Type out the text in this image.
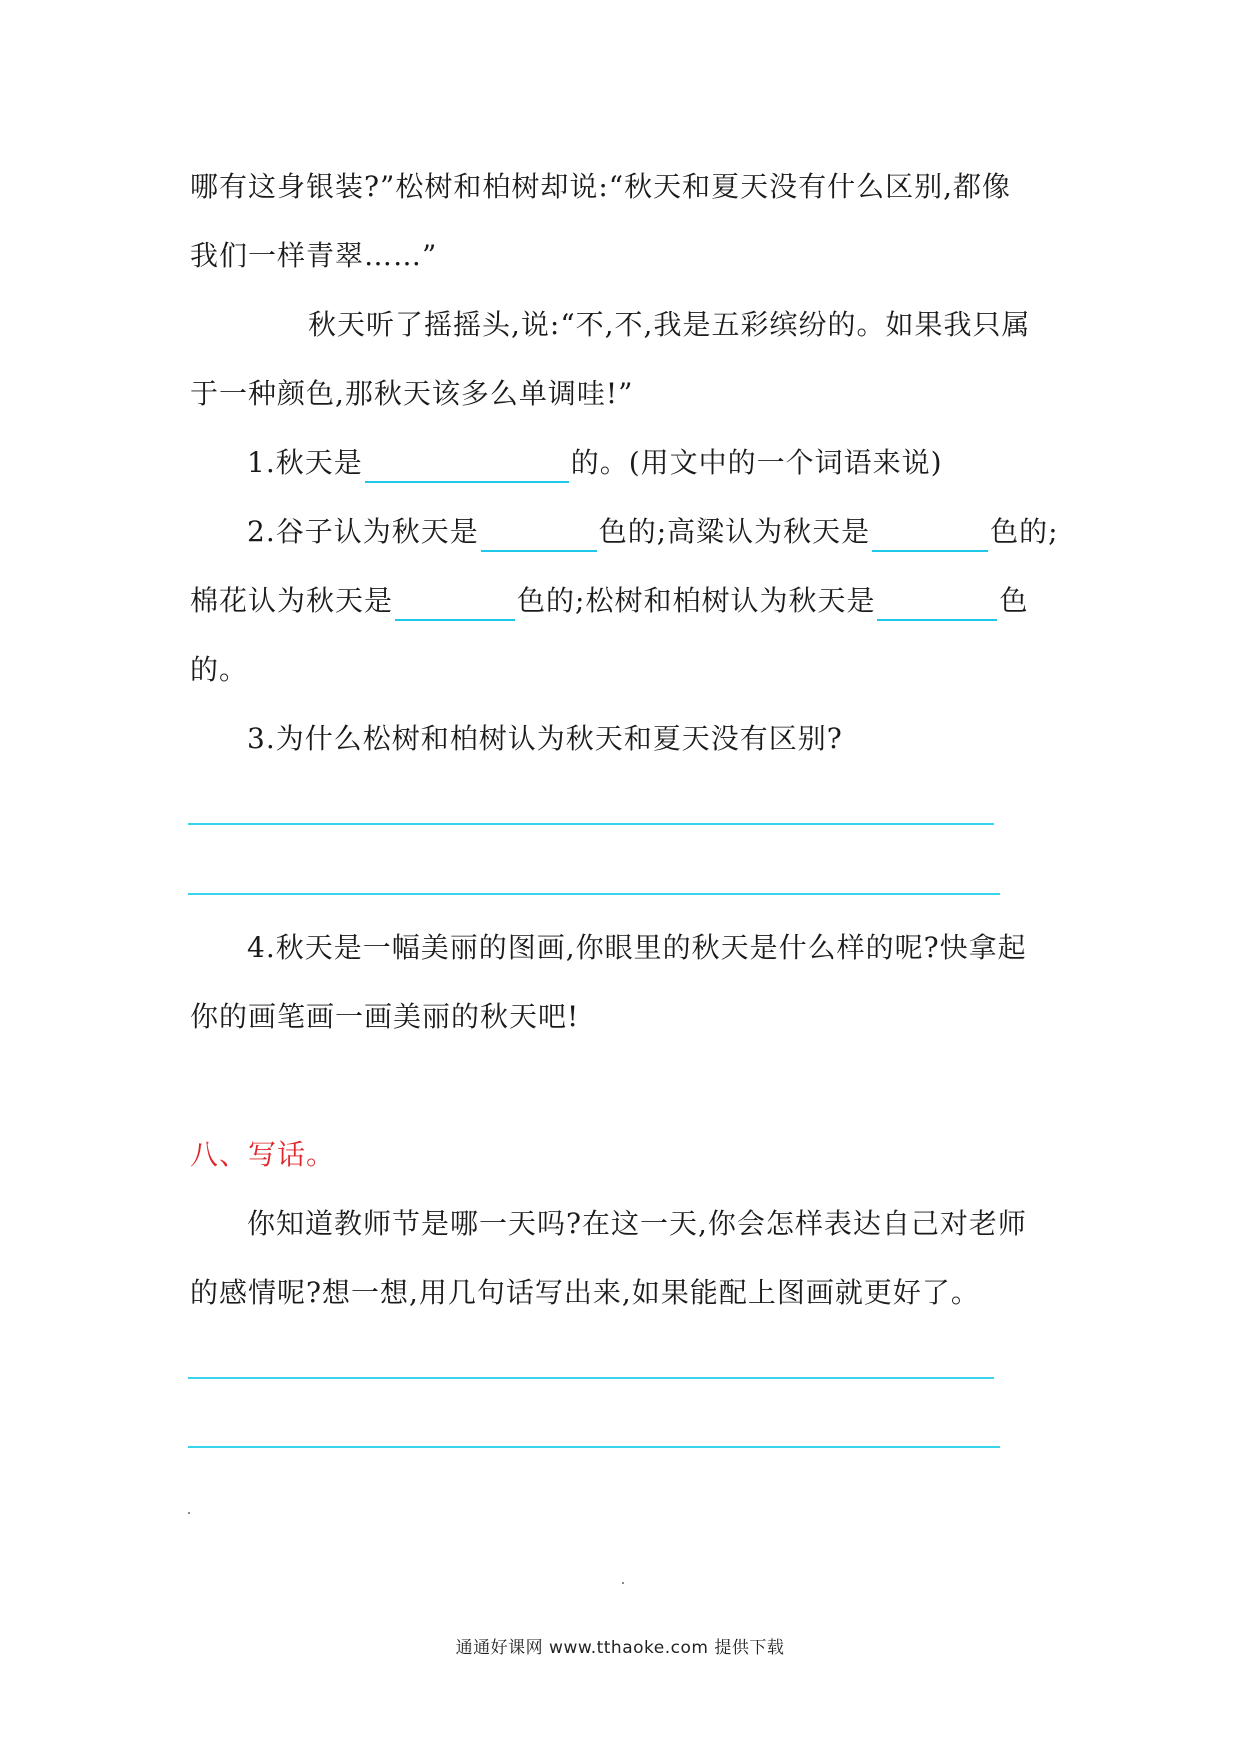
哪有这身银装?”松树和柏树却说:“秋天和夏天没有什么区别,都像
我们一样青翠……”
秋天听了摇摇头,说:“不,不,我是五彩缤纷的。如果我只属
于一种颜色,那秋天该多么单调哇!”
1.秋天是	的。(用文中的一个词语来说)
2.谷子认为秋天是	色的;高粱认为秋天是	色的;
棉花认为秋天是	色的;松树和柏树认为秋天是	色
的。
3.为什么松树和柏树认为秋天和夏天没有区别?
4.秋天是一幅美丽的图画,你眼里的秋天是什么样的呢?快拿起
你的画笔画一画美丽的秋天吧!
八、写话。
你知道教师节是哪一天吗?在这一天,你会怎样表达自己对老师
的感情呢?想一想,用几句话写出来,如果能配上图画就更好了。
通通好课网 www.tthaoke.com 提供下载
